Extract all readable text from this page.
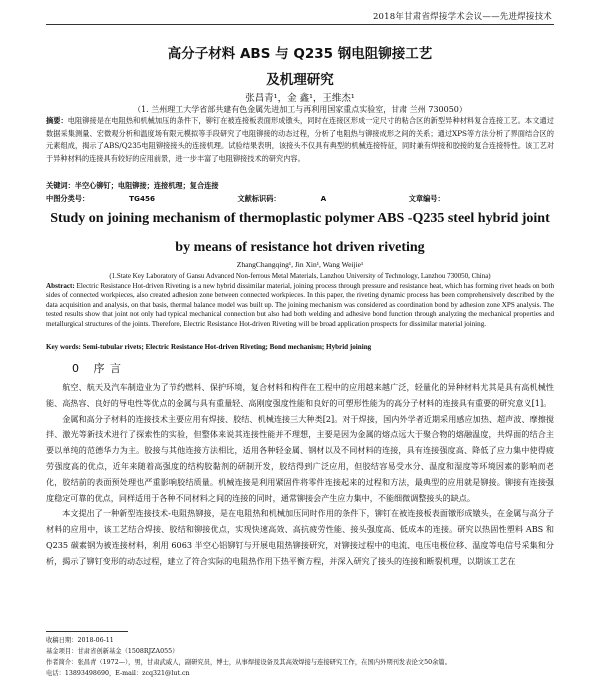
2018年甘肃省焊接学术会议——先进焊接技术
高分子材料 ABS 与 Q235 钢电阻铆接工艺
及机理研究
张昌青¹，金 鑫¹，王维杰¹
（1. 兰州理工大学省部共建有色金属先进加工与再利用国家重点实验室，甘肃 兰州 730050）
摘要：电阻铆接是在电阻热和机械加压的条件下，铆钉在被连接板表面形成镦头，同时在连接区形成一定尺寸的粘合区的新型异种材料复合连接工艺。本文通过数据采集测量、宏微观分析和温度场有限元模拟等手段研究了电阻铆接的动态过程，分析了电阻热与铆接成形之间的关系；通过XPS等方法分析了界面结合区的元素组成，揭示了ABS/Q235电阻铆接接头的连接机理。试验结果表明，该接头不仅具有典型的机械连接特征，同时兼有焊接和胶接的复合连接特性。该工艺对于异种材料的连接具有较好的应用前景，进一步丰富了电阻铆接技术的研究内容。
关键词：半空心铆钉；电阻铆接；连接机理；复合连接
中图分类号：	TG456	文献标识码：	A	文章编号：
Study on joining mechanism of thermoplastic polymer ABS -Q235 steel hybrid joint
by means of resistance hot driven riveting
ZhangChangqing¹, Jin Xin¹, Wang Weijie¹
(1.State Key Laboratory of Gansu Advanced Non-ferrous Metal Materials, Lanzhou University of Technology, Lanzhou 730050, China)
Abstract: Electric Resistance Hot-driven Riveting is a new hybrid dissimilar material, joining process through pressure and resistance heat, which has forming rivet heads on both sides of connected workpieces, also created adhesion zone between connected workpieces. In this paper, the riveting dynamic process has been comprehensively described by the data acquisition and analysis, on that basis, thermal balance model was built up. The joining mechanism was considered as coordination bond by adhesion zone XPS analysis. The tested results show that joint not only had typical mechanical connection but also had both welding and adhesive bond function through analyzing the mechanical properties and metallurgical structures of the joints. Therefore, Electric Resistance Hot-driven Riveting will be broad application prospects for dissimilar material joining.
Key words: Semi-tubular rivets; Electric Resistance Hot-driven Riveting; Bond mechanism; Hybrid joining
0 序 言

航空、航天及汽车制造业为了节约燃料、保护环境，复合材料和构件在工程中的应用越来越广泛，轻量化的异种材料尤其是具有高机械性能、高热容、良好的导电性等优点的金属与具有重量轻、高刚度强度性能和良好的可塑形性能为的高分子材料的连接具有重要的研究意义[1]。

金属和高分子材料的连接技术主要应用有焊接、胶结、机械连接三大种类[2]。对于焊接，国内外学者近期采用感应加热、超声波、摩擦搅拌、激光等新技术进行了探索性的实验，但整体来说其连接性能并不理想，主要是因为金属的熔点远大于聚合物的熔融温度，共焊面的结合主要以单纯的范德华力为主。胶接与其他连接方法相比，适用各种轻金属、钢材以及不同材料的连接，具有连接强度高、降低了应力集中使得疲劳强度高的优点，近年来随着高强度的结构胶黏剂的研制开发，胶结得到广泛应用，但胶结容易受水分、温度和湿度等环境因素的影响而老化，胶结前的表面预处理也严重影响胶结质量。机械连接是利用紧固件将零件连接起来的过程和方法，最典型的应用就是铆接。铆接有连接强度稳定可靠的优点，同样适用于各种不同材料之间的连接的同时，通常铆接会产生应力集中，不能细微调整接头的缺点。

本文提出了一种新型连接技术-电阻热铆接，是在电阻热和机械加压同时作用的条件下，铆钉在被连接板表面镦形成镦头，在金属与高分子材料的应用中，该工艺结合焊接、胶结和铆接优点，实现快速高效、高抗疲劳性能、接头强度高、低成本的连接。研究以热固性塑料 ABS 和 Q235 碳素钢为被连接材料，利用 6063 半空心铝铆钉与开展电阻热铆接研究，对铆接过程中的电流、电压电极位移、温度等电信号采集和分析，揭示了铆钉变形的动态过程，建立了符合实际的电阻热作用下热平衡方程，并深入研究了接头的连接和断裂机理，以期该工艺在

收稿日期：2018-06-11
基金项目：甘肃省创新基金（1508RJZA055）
作者简介：张昌青（1972—），男，甘肃武威人，副研究员，博士，从事焊接设备及其高效焊接与连接研究工作，在国内外期刊发表论文50余篇。
电话：13893498690，E-mail：zcq321@lut.cn
